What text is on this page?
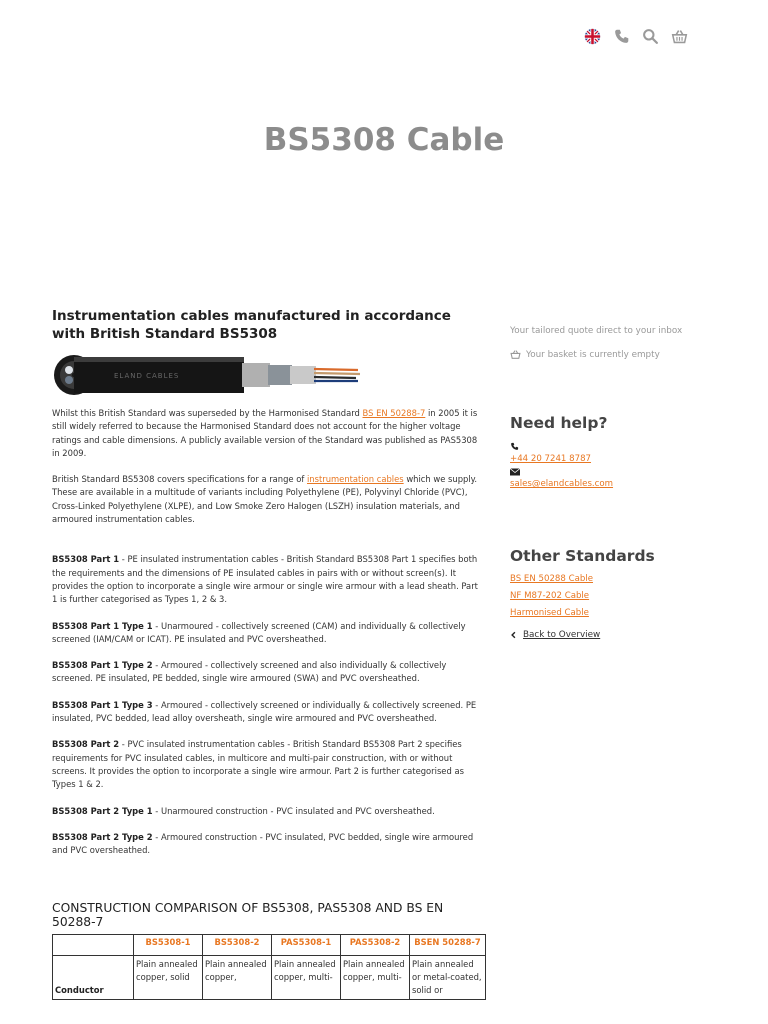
BS5308 Cable
Instrumentation cables manufactured in accordance with British Standard BS5308
ELAND CABLES

Whilst this British Standard was superseded by the Harmonised Standard BS EN 50288-7 in 2005 it is still widely referred to because the Harmonised Standard does not account for the higher voltage ratings and cable dimensions. A publicly available version of the Standard was published as PAS5308 in 2009.

British Standard BS5308 covers specifications for a range of instrumentation cables which we supply. These are available in a multitude of variants including Polyethylene (PE), Polyvinyl Chloride (PVC), Cross-Linked Polyethylene (XLPE), and Low Smoke Zero Halogen (LSZH) insulation materials, and armoured instrumentation cables.

BS5308 Part 1 - PE insulated instrumentation cables - British Standard BS5308 Part 1 specifies both the requirements and the dimensions of PE insulated cables in pairs with or without screen(s). It provides the option to incorporate a single wire armour or single wire armour with a lead sheath. Part 1 is further categorised as Types 1, 2 & 3.

BS5308 Part 1 Type 1 - Unarmoured - collectively screened (CAM) and individually & collectively screened (IAM/CAM or ICAT). PE insulated and PVC oversheathed.

BS5308 Part 1 Type 2 - Armoured - collectively screened and also individually & collectively screened. PE insulated, PE bedded, single wire armoured (SWA) and PVC oversheathed.

BS5308 Part 1 Type 3 - Armoured - collectively screened or individually & collectively screened. PE insulated, PVC bedded, lead alloy oversheath, single wire armoured and PVC oversheathed.

BS5308 Part 2 - PVC insulated instrumentation cables - British Standard BS5308 Part 2 specifies requirements for PVC insulated cables, in multicore and multi-pair construction, with or without screens. It provides the option to incorporate a single wire armour. Part 2 is further categorised as Types 1 & 2.

BS5308 Part 2 Type 1 - Unarmoured construction - PVC insulated and PVC oversheathed.

BS5308 Part 2 Type 2 - Armoured construction - PVC insulated, PVC bedded, single wire armoured and PVC oversheathed.

CONSTRUCTION COMPARISON OF BS5308, PAS5308 AND BS EN 50288-7
	BS5308-1	BS5308-2	PAS5308-1	PAS5308-2	BSEN 50288-7
Conductor	Plain annealed copper, solid	Plain annealed copper,	Plain annealed copper, multi-	Plain annealed copper, multi-	Plain annealed or metal-coated, solid or

Your tailored quote direct to your inbox

Your basket is currently empty

Need help?
+44 20 7241 8787
sales@elandcables.com
Other Standards
BS EN 50288 Cable
NF M87-202 Cable
Harmonised Cable
Back to Overview
